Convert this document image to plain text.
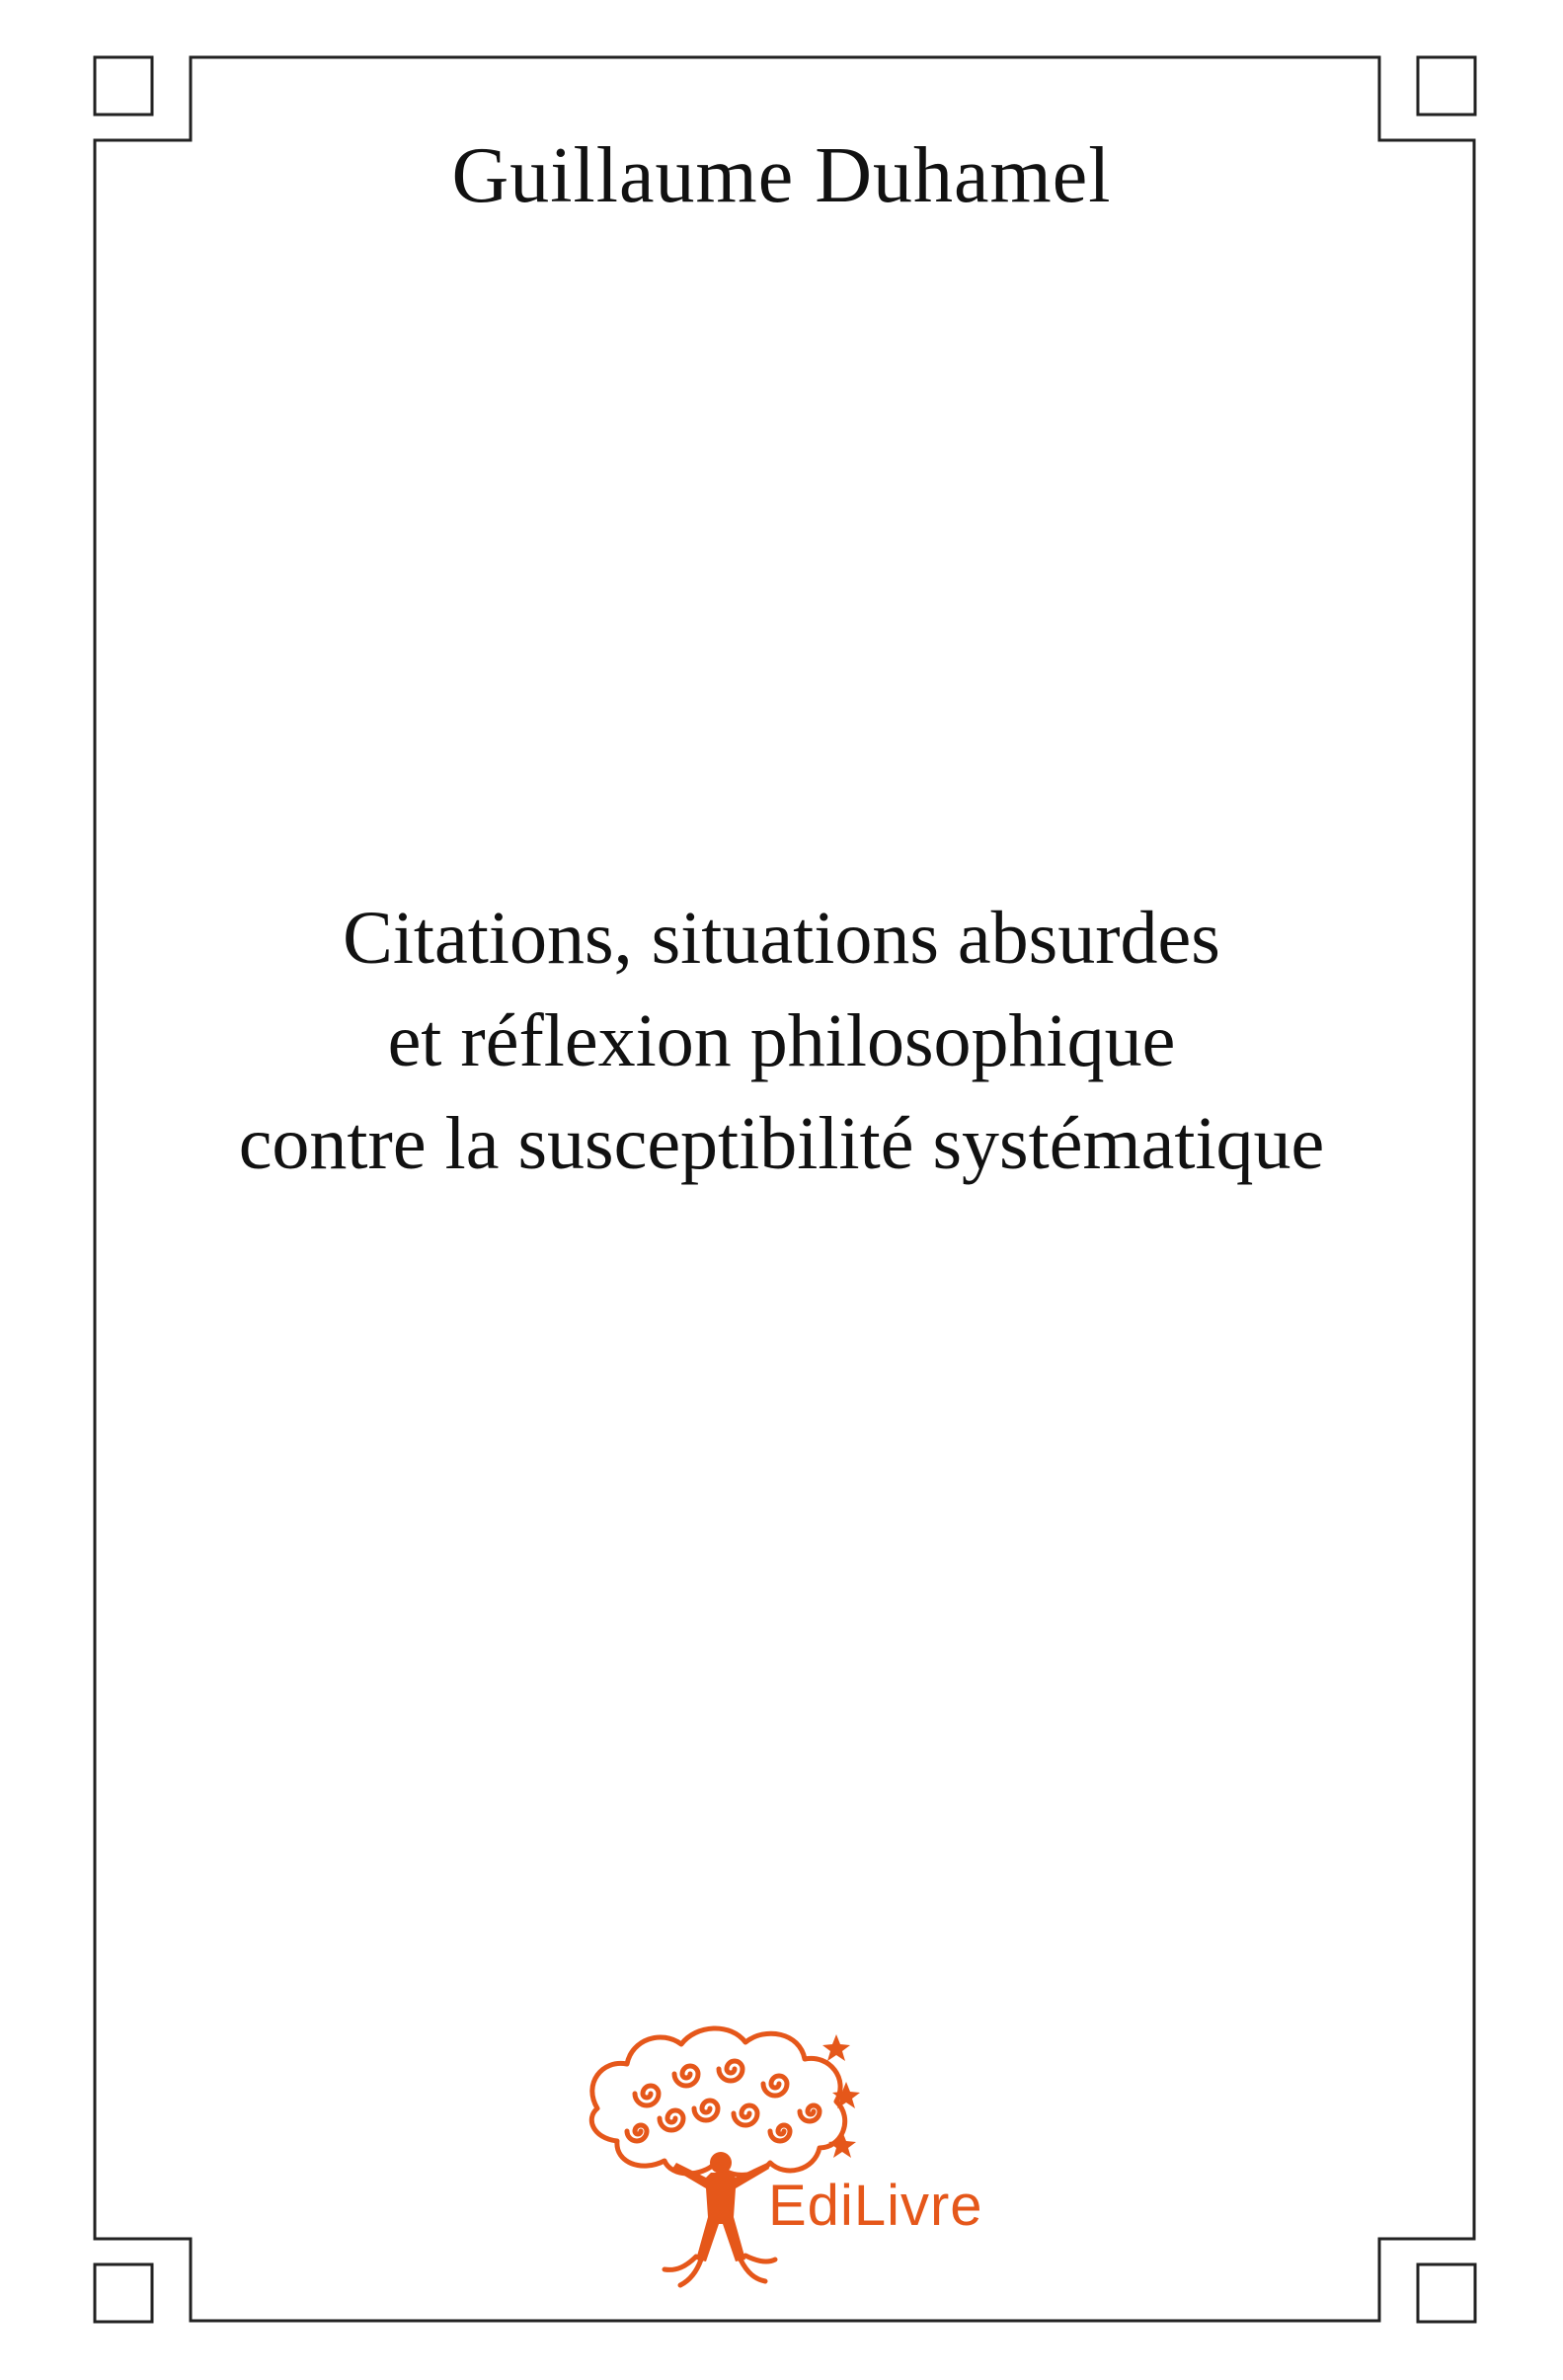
Guillaume Duhamel
Citations, situations absurdes
et réflexion philosophique
contre la susceptibilité systématique
EdiLivre
